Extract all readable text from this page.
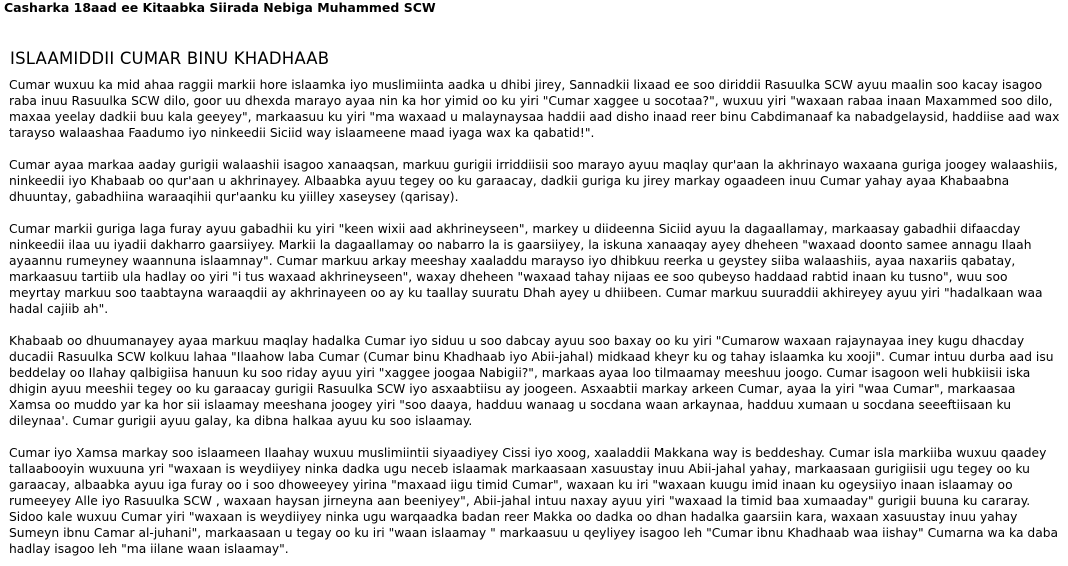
Casharka 18aad ee Kitaabka Siirada Nebiga Muhammed SCW
ISLAAMIDDII CUMAR BINU KHADHAAB

Cumar wuxuu ka mid ahaa raggii markii hore islaamka iyo muslimiinta aadka u dhibi jirey, Sannadkii lixaad ee soo diriddii Rasuulka SCW ayuu maalin soo kacay isagoo raba inuu Rasuulka SCW dilo, goor uu dhexda marayo ayaa nin ka hor yimid oo ku yiri "Cumar xaggee u socotaa?", wuxuu yiri "waxaan rabaa inaan Maxammed soo dilo, maxaa yeelay dadkii buu kala geeyey", markaasuu ku yiri "ma waxaad u malaynaysaa haddii aad disho inaad reer binu Cabdimanaaf ka nabadgelaysid, haddiise aad wax tarayso walaashaa Faadumo iyo ninkeedii Siciid way islaameene maad iyaga wax ka qabatid!".

Cumar ayaa markaa aaday gurigii walaashii isagoo xanaaqsan, markuu gurigii irriddiisii soo marayo ayuu maqlay qur'aan la akhrinayo waxaana guriga joogey walaashiis, ninkeedii iyo Khabaab oo qur'aan u akhrinayey. Albaabka ayuu tegey oo ku garaacay, dadkii guriga ku jirey markay ogaadeen inuu Cumar yahay ayaa Khabaabna dhuuntay, gabadhiina waraaqihii qur'aanku ku yiilley xaseysey (qarisay).

Cumar markii guriga laga furay ayuu gabadhii ku yiri "keen wixii aad akhrineyseen", markey u diideenna Siciid ayuu la dagaallamay, markaasay gabadhii difaacday ninkeedii ilaa uu iyadii dakharro gaarsiiyey. Markii la dagaallamay oo nabarro la is gaarsiiyey, la iskuna xanaaqay ayey dheheen "waxaad doonto samee annagu Ilaah ayaannu rumeyney waannuna islaamnay". Cumar markuu arkay meeshay xaaladdu marayso iyo dhibkuu reerka u geystey siiba walaashiis, ayaa naxariis qabatay, markaasuu tartiib ula hadlay oo yiri "i tus waxaad akhrineyseen", waxay dheheen "waxaad tahay nijaas ee soo qubeyso haddaad rabtid inaan ku tusno", wuu soo meyrtay markuu soo taabtayna waraaqdii ay akhrinayeen oo ay ku taallay suuratu Dhah ayey u dhiibeen. Cumar markuu suuraddii akhireyey ayuu yiri "hadalkaan waa hadal cajiib ah".

Khabaab oo dhuumanayey ayaa markuu maqlay hadalka Cumar iyo siduu u soo dabcay ayuu soo baxay oo ku yiri "Cumarow waxaan rajaynayaa iney kugu dhacday ducadii Rasuulka SCW kolkuu lahaa "Ilaahow laba Cumar (Cumar binu Khadhaab iyo Abii-jahal) midkaad kheyr ku og tahay islaamka ku xooji". Cumar intuu durba aad isu beddelay oo Ilahay qalbigiisa hanuun ku soo riday ayuu yiri "xaggee joogaa Nabigii?", markaas ayaa loo tilmaamay meeshuu joogo. Cumar isagoon weli hubkiisii iska dhigin ayuu meeshii tegey oo ku garaacay gurigii Rasuulka SCW iyo asxaabtiisu ay joogeen. Asxaabtii markay arkeen Cumar, ayaa la yiri "waa Cumar", markaasaa Xamsa oo muddo yar ka hor sii islaamay meeshana joogey yiri "soo daaya, hadduu wanaag u socdana waan arkaynaa, hadduu xumaan u socdana seeeftiisaan ku dileynaa'. Cumar gurigii ayuu galay, ka dibna halkaa ayuu ku soo islaamay.

Cumar iyo Xamsa markay soo islaameen Ilaahay wuxuu muslimiintii siyaadiyey Cissi iyo xoog, xaaladdii Makkana way is beddeshay. Cumar isla markiiba wuxuu qaadey tallaabooyin wuxuuna yri "waxaan is weydiiyey ninka dadka ugu neceb islaamak markaasaan xasuustay inuu Abii-jahal yahay, markaasaan gurigiisii ugu tegey oo ku garaacay, albaabka ayuu iga furay oo i soo dhoweeyey yirina "maxaad iigu timid Cumar", waxaan ku iri "waxaan kuugu imid inaan ku ogeysiiyo inaan islaamay oo rumeeyey Alle iyo Rasuulka SCW , waxaan haysan jirneyna aan beeniyey", Abii-jahal intuu naxay ayuu yiri "waxaad la timid baa xumaaday" gurigii buuna ku cararay. Sidoo kale wuxuu Cumar yiri "waxaan is weydiiyey ninka ugu warqaadka badan reer Makka oo dadka oo dhan hadalka gaarsiin kara, waxaan xasuustay inuu yahay Sumeyn ibnu Camar al-juhani", markaasaan u tegay oo ku iri "waan islaamay " markaasuu u qeyliyey isagoo leh "Cumar ibnu Khadhaab waa iishay" Cumarna wa ka daba hadlay isagoo leh "ma iilane waan islaamay".
